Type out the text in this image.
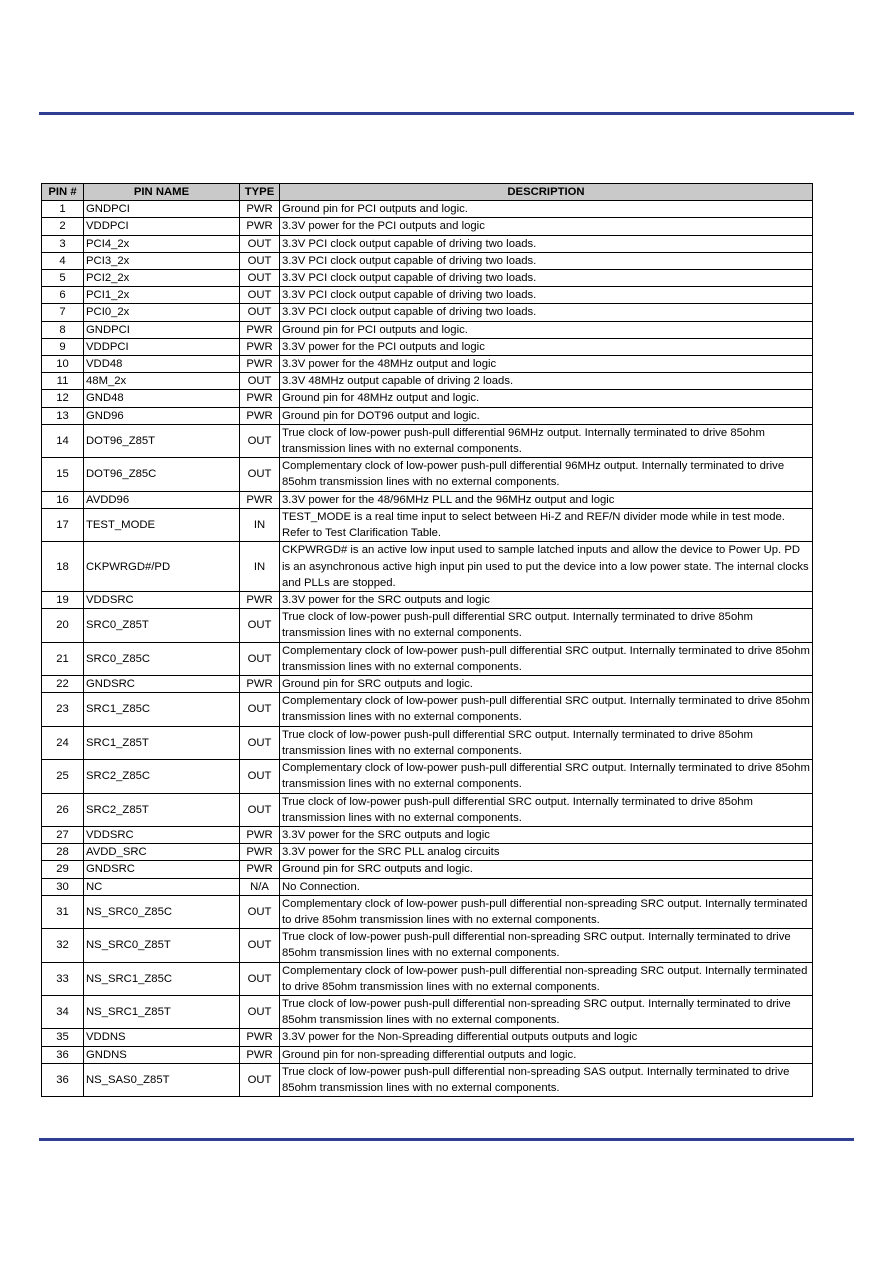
PIN #	PIN NAME	TYPE	DESCRIPTION
1	GNDPCI	PWR	Ground pin for PCI outputs and logic.
2	VDDPCI	PWR	3.3V power for the PCI outputs and logic
3	PCI4_2x	OUT	3.3V PCI clock output capable of driving two loads.
4	PCI3_2x	OUT	3.3V PCI clock output capable of driving two loads.
5	PCI2_2x	OUT	3.3V PCI clock output capable of driving two loads.
6	PCI1_2x	OUT	3.3V PCI clock output capable of driving two loads.
7	PCI0_2x	OUT	3.3V PCI clock output capable of driving two loads.
8	GNDPCI	PWR	Ground pin for PCI outputs and logic.
9	VDDPCI	PWR	3.3V power for the PCI outputs and logic
10	VDD48	PWR	3.3V power for the 48MHz output and logic
11	48M_2x	OUT	3.3V 48MHz output capable of driving 2 loads.
12	GND48	PWR	Ground pin for 48MHz output and logic.
13	GND96	PWR	Ground pin for DOT96 output and logic.
14	DOT96_Z85T	OUT	True clock of low-power push-pull differential 96MHz output. Internally terminated to drive 85ohm transmission lines with no external components.
15	DOT96_Z85C	OUT	Complementary clock of low-power push-pull differential 96MHz output. Internally terminated to drive 85ohm transmission lines with no external components.
16	AVDD96	PWR	3.3V power for the 48/96MHz PLL and the 96MHz output and logic
17	TEST_MODE	IN	TEST_MODE is a real time input to select between Hi-Z and REF/N divider mode while in test mode. Refer to Test Clarification Table.
18	CKPWRGD#/PD	IN	CKPWRGD# is an active low input used to sample latched inputs and allow the device to Power Up. PD is an asynchronous active high input pin used to put the device into a low power state. The internal clocks and PLLs are stopped.
19	VDDSRC	PWR	3.3V power for the SRC outputs and logic
20	SRC0_Z85T	OUT	True clock of low-power push-pull differential SRC output. Internally terminated to drive 85ohm transmission lines with no external components.
21	SRC0_Z85C	OUT	Complementary clock of low-power push-pull differential SRC output. Internally terminated to drive 85ohm transmission lines with no external components.
22	GNDSRC	PWR	Ground pin for SRC outputs and logic.
23	SRC1_Z85C	OUT	Complementary clock of low-power push-pull differential SRC output. Internally terminated to drive 85ohm transmission lines with no external components.
24	SRC1_Z85T	OUT	True clock of low-power push-pull differential SRC output. Internally terminated to drive 85ohm transmission lines with no external components.
25	SRC2_Z85C	OUT	Complementary clock of low-power push-pull differential SRC output. Internally terminated to drive 85ohm transmission lines with no external components.
26	SRC2_Z85T	OUT	True clock of low-power push-pull differential SRC output. Internally terminated to drive 85ohm transmission lines with no external components.
27	VDDSRC	PWR	3.3V power for the SRC outputs and logic
28	AVDD_SRC	PWR	3.3V power for the SRC PLL analog circuits
29	GNDSRC	PWR	Ground pin for SRC outputs and logic.
30	NC	N/A	No Connection.
31	NS_SRC0_Z85C	OUT	Complementary clock of low-power push-pull differential non-spreading SRC output. Internally terminated to drive 85ohm transmission lines with no external components.
32	NS_SRC0_Z85T	OUT	True clock of low-power push-pull differential non-spreading SRC output. Internally terminated to drive 85ohm transmission lines with no external components.
33	NS_SRC1_Z85C	OUT	Complementary clock of low-power push-pull differential non-spreading SRC output. Internally terminated to drive 85ohm transmission lines with no external components.
34	NS_SRC1_Z85T	OUT	True clock of low-power push-pull differential non-spreading SRC output. Internally terminated to drive 85ohm transmission lines with no external components.
35	VDDNS	PWR	3.3V power for the Non-Spreading differential outputs outputs and logic
36	GNDNS	PWR	Ground pin for non-spreading differential outputs and logic.
36	NS_SAS0_Z85T	OUT	True clock of low-power push-pull differential non-spreading SAS output. Internally terminated to drive 85ohm transmission lines with no external components.
